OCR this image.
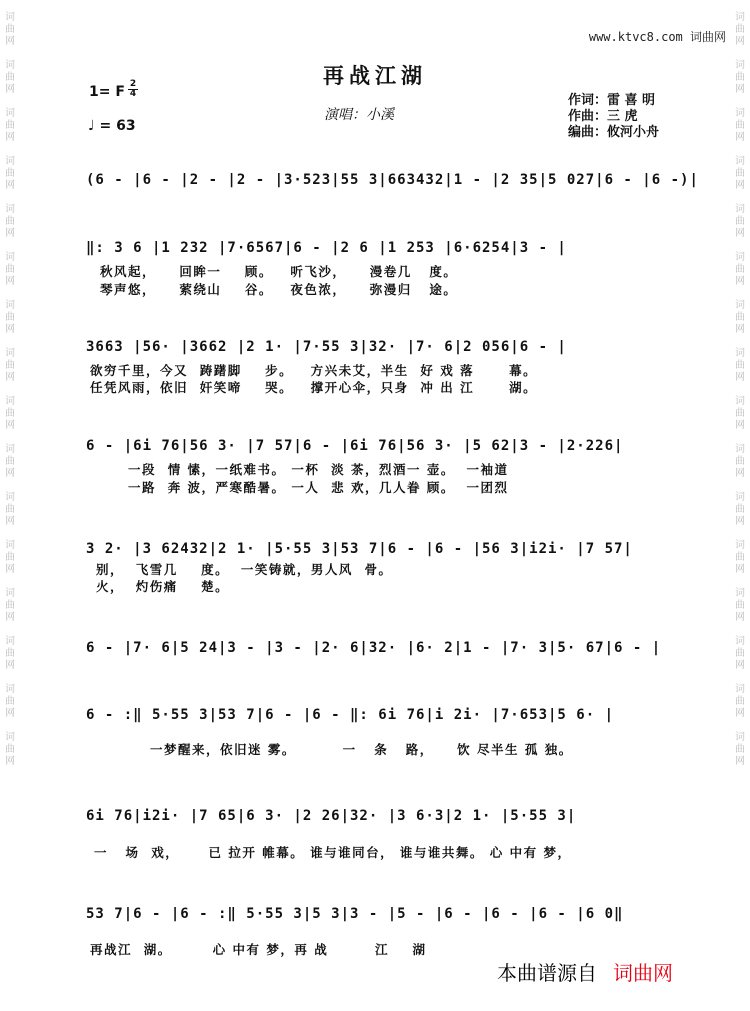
词
曲
网
词
曲
网
词
曲
网
词
曲
网
词
曲
网
词
曲
网
词
曲
网
词
曲
网
词
曲
网
词
曲
网
词
曲
网
词
曲
网
词
曲
网
词
曲
网
词
曲
网
词
曲
网
词
曲
网
词
曲
网
词
曲
网
词
曲
网
词
曲
网
词
曲
网
词
曲
网
词
曲
网
词
曲
网
词
曲
网
词
曲
网
词
曲
网
词
曲
网
词
曲
网
词
曲
网
词
曲
网
www.ktvc8.com 词曲网
再战江湖
演唱：小溪
1= F 2
4
♩ = 63
作词：雷 喜 明
作曲：三 虎
编曲：攸河小舟
(6 - |6 - |2 - |2 - |3·523|55 3|663432|1 - |2 35|5 027|6 - |6 -)|
‖: 3 6 |1 232 |7·6567|6 - |2 6 |1 253 |6·6254|3 - |
秋风起，    回眸一    顾。   听飞沙，    漫卷几   度。
琴声悠，    萦绕山    谷。   夜色浓，    弥漫归   途。
3663 |56· |3662 |2 1· |7·55 3|32· |7· 6|2 056|6 - |
欲穷千里，今又  踌躇脚    步。   方兴未艾，半生  好 戏 落      幕。
任凭风雨，依旧  奸笑啼    哭。   撑开心伞，只身  冲 出 江      湖。
6 - |6i 76|56 3· |7 57|6 - |6i 76|56 3· |5 62|3 - |2·226|
一段  情 愫，一纸难书。 一杯  淡 茶，烈酒一 壶。  一袖道
一路  奔 波，严寒酷暑。 一人  悲 欢，几人眷 顾。  一团烈
3 2· |3 62432|2 1· |5·55 3|53 7|6 - |6 - |56 3|i2i· |7 57|
别，  飞雪几    度。  一笑铸就，男人风  骨。
火，  灼伤痛    楚。
6 - |7· 6|5 24|3 - |3 - |2· 6|32· |6· 2|1 - |7· 3|5· 67|6 - |
6 - :‖ 5·55 3|53 7|6 - |6 - ‖: 6i 76|i 2i· |7·653|5 6· |
一梦醒来，依旧迷 雾。        一   条   路，    饮 尽半生 孤 独。
6i 76|i2i· |7 65|6 3· |2 26|32· |3 6·3|2 1· |5·55 3|
一   场  戏，     已 拉开 帷幕。 谁与谁同台， 谁与谁共舞。 心 中有 梦，
53 7|6 - |6 - :‖ 5·55 3|5 3|3 - |5 - |6 - |6 - |6 - |6 0‖
再战江  湖。       心 中有 梦，再 战        江    湖
本曲谱源自 词曲网
